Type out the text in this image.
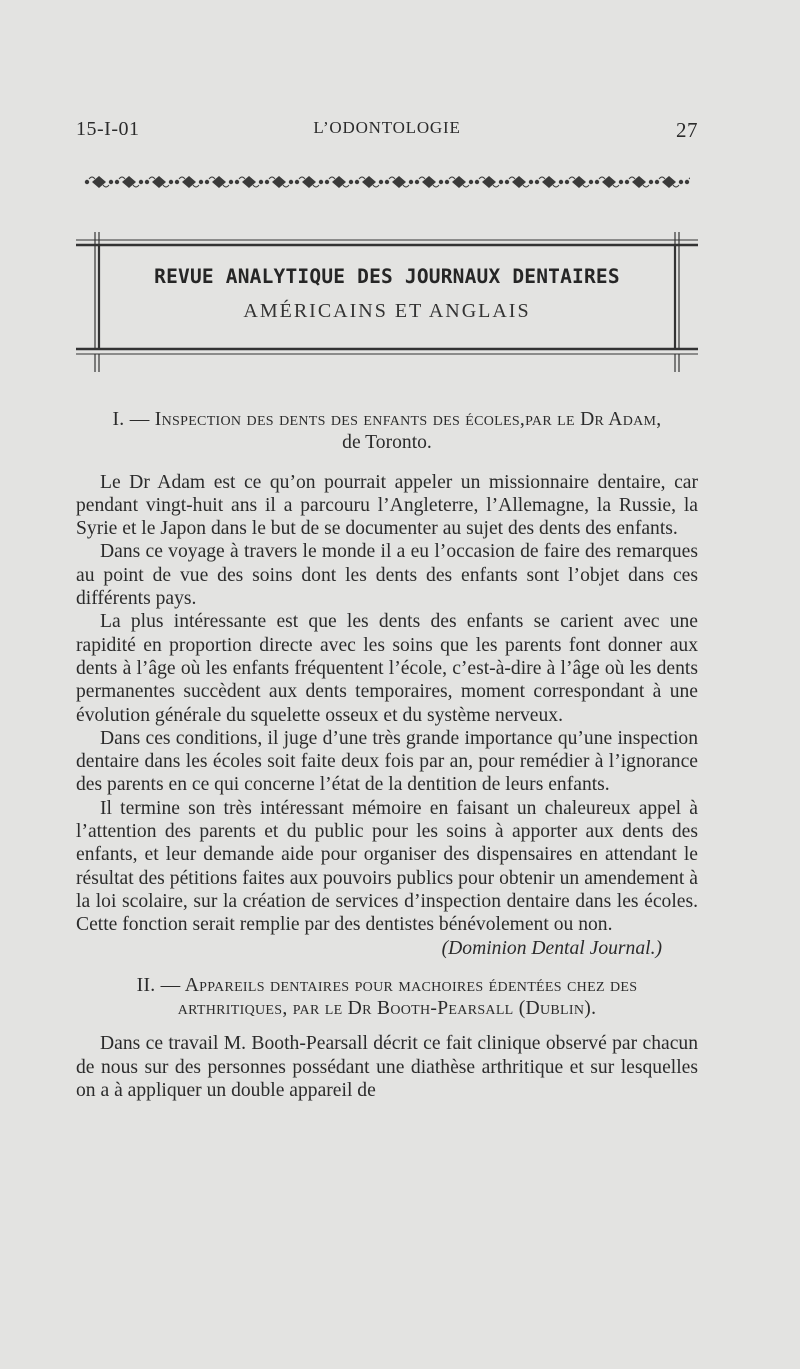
15-I-01	L’ODONTOLOGIE	27
REVUE ANALYTIQUE DES JOURNAUX DENTAIRES
AMÉRICAINS ET ANGLAIS

I. — Inspection des dents des enfants des écoles,par le Dr Adam,

de Toronto.

Le Dr Adam est ce qu’on pourrait appeler un missionnaire dentaire, car pendant vingt-huit ans il a parcouru l’Angleterre, l’Allemagne, la Russie, la Syrie et le Japon dans le but de se documenter au sujet des dents des enfants.

Dans ce voyage à travers le monde il a eu l’occasion de faire des remarques au point de vue des soins dont les dents des enfants sont l’objet dans ces différents pays.

La plus intéressante est que les dents des enfants se carient avec une rapidité en proportion directe avec les soins que les parents font donner aux dents à l’âge où les enfants fréquentent l’école, c’est-à-dire à l’âge où les dents permanentes succèdent aux dents temporaires, moment correspondant à une évolution générale du squelette osseux et du système nerveux.

Dans ces conditions, il juge d’une très grande importance qu’une inspection dentaire dans les écoles soit faite deux fois par an, pour remédier à l’ignorance des parents en ce qui concerne l’état de la dentition de leurs enfants.

Il termine son très intéressant mémoire en faisant un chaleureux appel à l’attention des parents et du public pour les soins à apporter aux dents des enfants, et leur demande aide pour organiser des dispensaires en attendant le résultat des pétitions faites aux pouvoirs publics pour obtenir un amendement à la loi scolaire, sur la création de services d’inspection dentaire dans les écoles. Cette fonction serait remplie par des dentistes bénévolement ou non.

(Dominion Dental Journal.)

II. — Appareils dentaires pour machoires édentées chez des

arthritiques, par le Dr Booth-Pearsall (Dublin).

Dans ce travail M. Booth-Pearsall décrit ce fait clinique observé par chacun de nous sur des personnes possédant une diathèse arthritique et sur lesquelles on a à appliquer un double appareil de
